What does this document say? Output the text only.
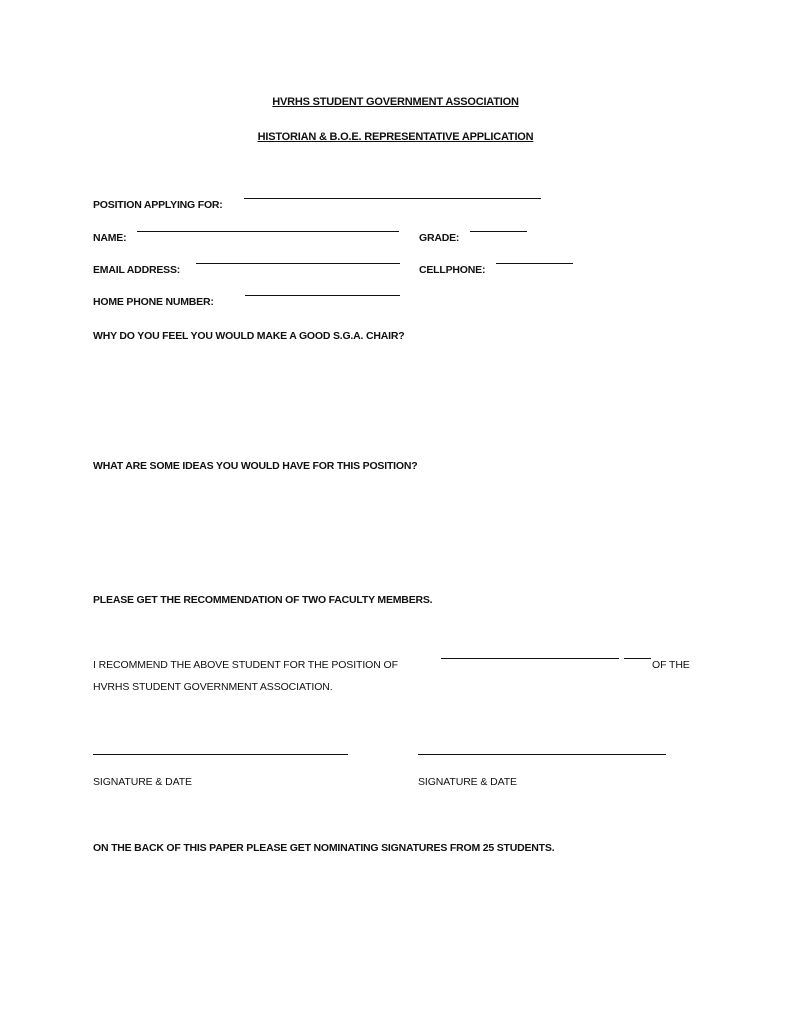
HVRHS STUDENT GOVERNMENT ASSOCIATION
HISTORIAN & B.O.E. REPRESENTATIVE APPLICATION
POSITION APPLYING FOR:
NAME:	GRADE:
EMAIL ADDRESS:	CELLPHONE:
HOME PHONE NUMBER:
WHY DO YOU FEEL YOU WOULD MAKE A GOOD S.G.A. CHAIR?
WHAT ARE SOME IDEAS YOU WOULD HAVE FOR THIS POSITION?
PLEASE GET THE RECOMMENDATION OF TWO FACULTY MEMBERS.
I RECOMMEND THE ABOVE STUDENT FOR THE POSITION OF	OF THE
HVRHS STUDENT GOVERNMENT ASSOCIATION.
SIGNATURE & DATE	SIGNATURE & DATE
ON THE BACK OF THIS PAPER PLEASE GET NOMINATING SIGNATURES FROM 25 STUDENTS.
